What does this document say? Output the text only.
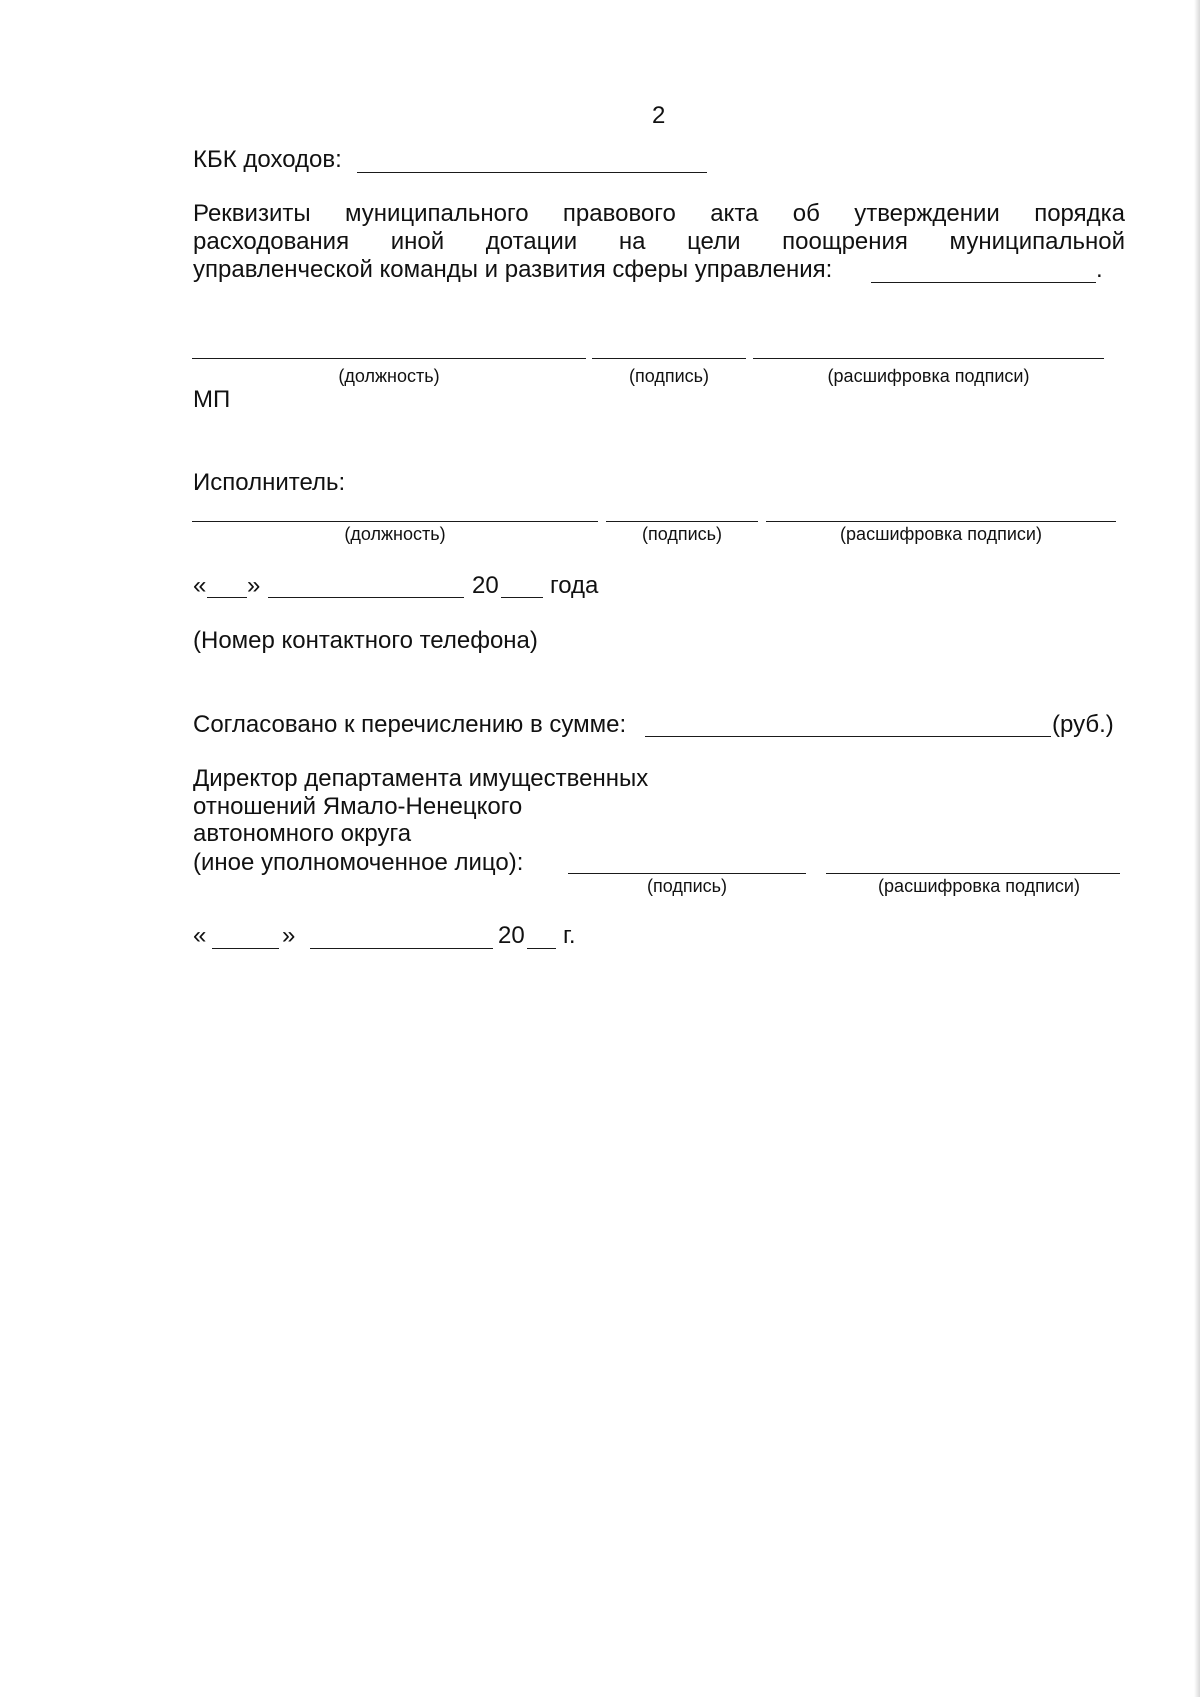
2
КБК доходов:
Реквизиты муниципального правового акта об утверждении порядка
расходования иной дотации на цели поощрения муниципальной
управленческой команды и развития сферы управления:	.
(должность)	(подпись)	(расшифровка подписи)
МП
Исполнитель:
(должность)	(подпись)	(расшифровка подписи)
« »	20 года
(Номер контактного телефона)
Согласовано к перечислению в сумме:	(руб.)
Директор департамента имущественных
отношений Ямало-Ненецкого
автономного округа
(иное уполномоченное лицо):
(подпись)	(расшифровка подписи)
«	»	20 г.
